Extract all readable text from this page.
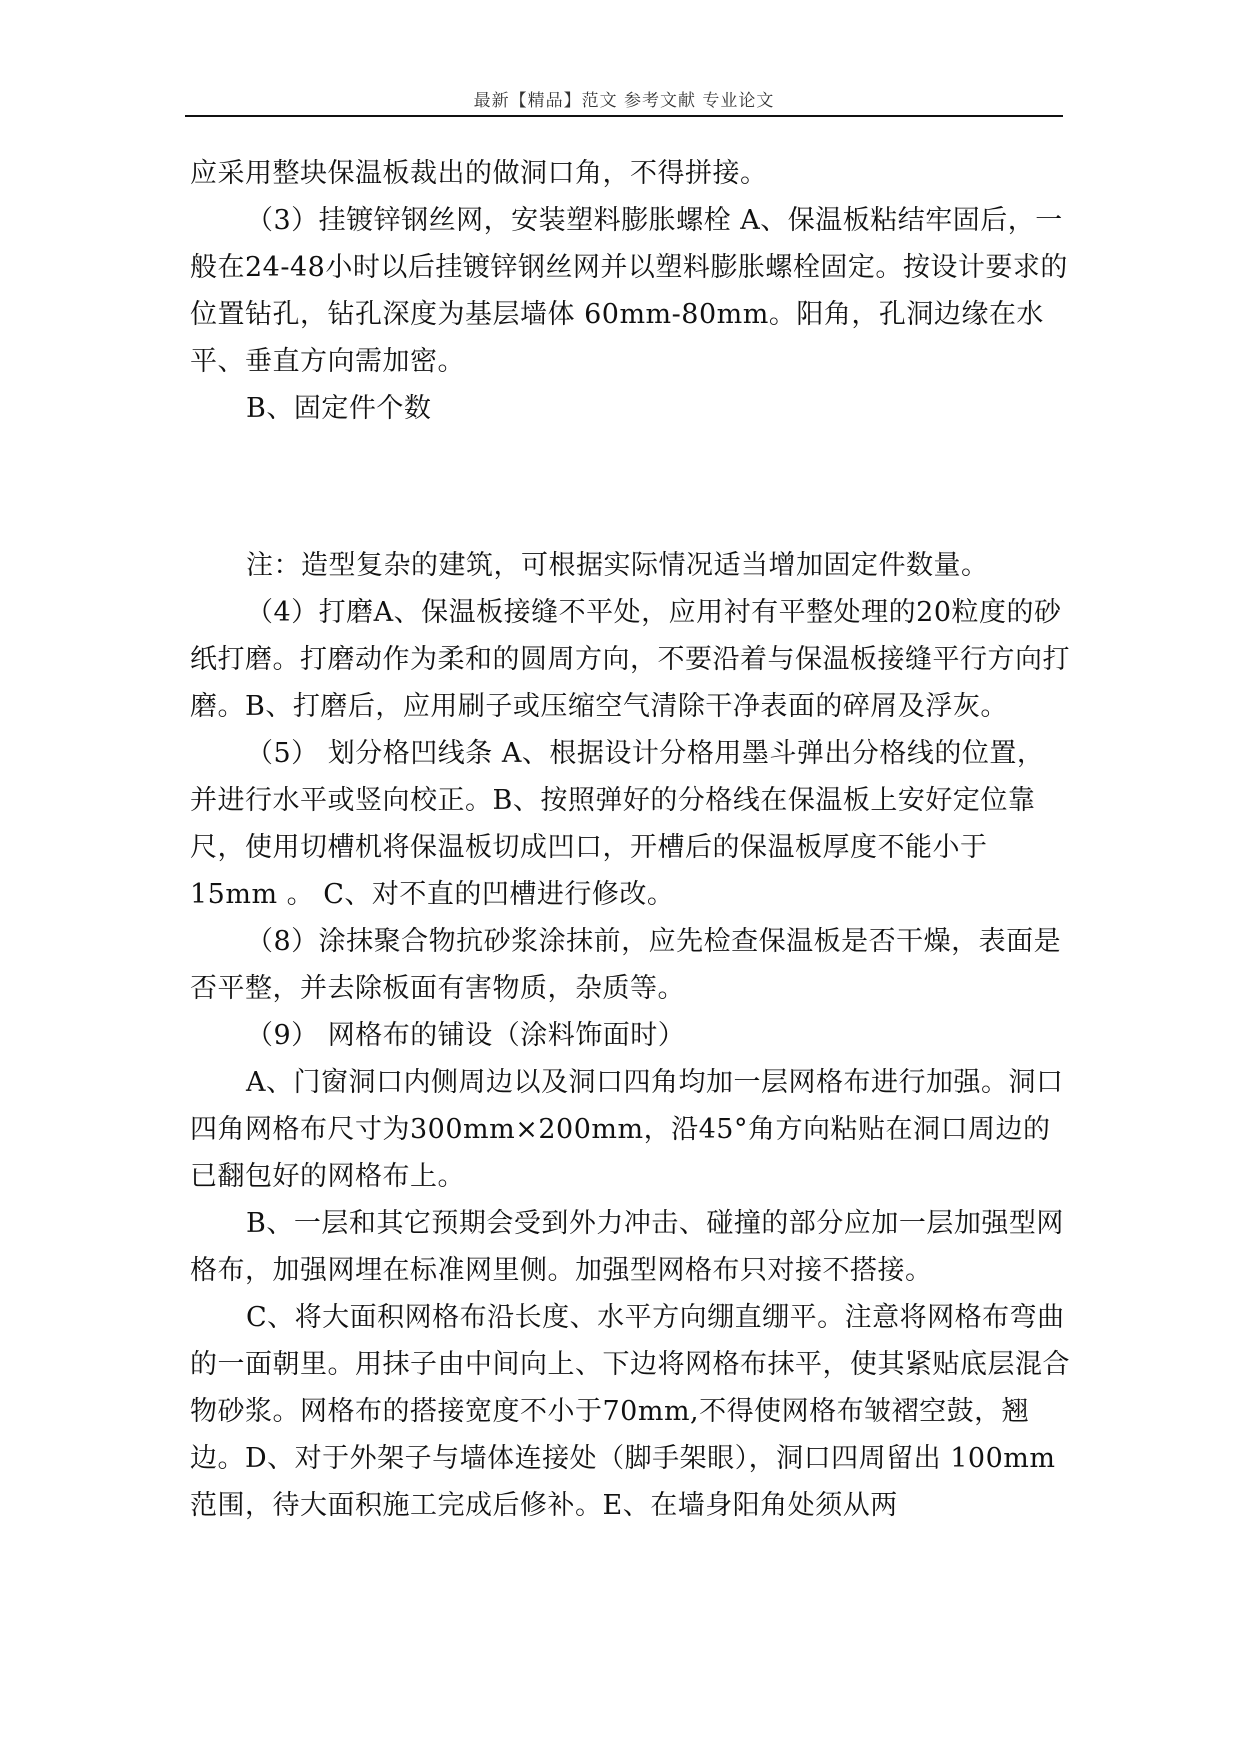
最新【精品】范文 参考文献 专业论文

应采用整块保温板裁出的做洞口角，不得拼接。

（3）挂镀锌钢丝网，安装塑料膨胀螺栓 A、保温板粘结牢固后，一般在24-48小时以后挂镀锌钢丝网并以塑料膨胀螺栓固定。按设计要求的位置钻孔，钻孔深度为基层墙体 60mm-80mm。阳角，孔洞边缘在水平、垂直方向需加密。

B、固定件个数

注：造型复杂的建筑，可根据实际情况适当增加固定件数量。

（4）打磨A、保温板接缝不平处，应用衬有平整处理的20粒度的砂纸打磨。打磨动作为柔和的圆周方向，不要沿着与保温板接缝平行方向打磨。B、打磨后，应用刷子或压缩空气清除干净表面的碎屑及浮灰。

（5） 划分格凹线条 A、根据设计分格用墨斗弹出分格线的位置，并进行水平或竖向校正。B、按照弹好的分格线在保温板上安好定位靠尺，使用切槽机将保温板切成凹口，开槽后的保温板厚度不能小于 15mm 。 C、对不直的凹槽进行修改。

（8）涂抹聚合物抗砂浆涂抹前，应先检查保温板是否干燥，表面是否平整，并去除板面有害物质，杂质等。

（9） 网格布的铺设（涂料饰面时）

A、门窗洞口内侧周边以及洞口四角均加一层网格布进行加强。洞口四角网格布尺寸为300mm×200mm，沿45°角方向粘贴在洞口周边的已翻包好的网格布上。

B、一层和其它预期会受到外力冲击、碰撞的部分应加一层加强型网格布，加强网埋在标准网里侧。加强型网格布只对接不搭接。

C、将大面积网格布沿长度、水平方向绷直绷平。注意将网格布弯曲的一面朝里。用抹子由中间向上、下边将网格布抹平，使其紧贴底层混合物砂浆。网格布的搭接宽度不小于70mm,不得使网格布皱褶空鼓，翘边。D、对于外架子与墙体连接处（脚手架眼），洞口四周留出 100mm 范围，待大面积施工完成后修补。E、在墙身阳角处须从两
